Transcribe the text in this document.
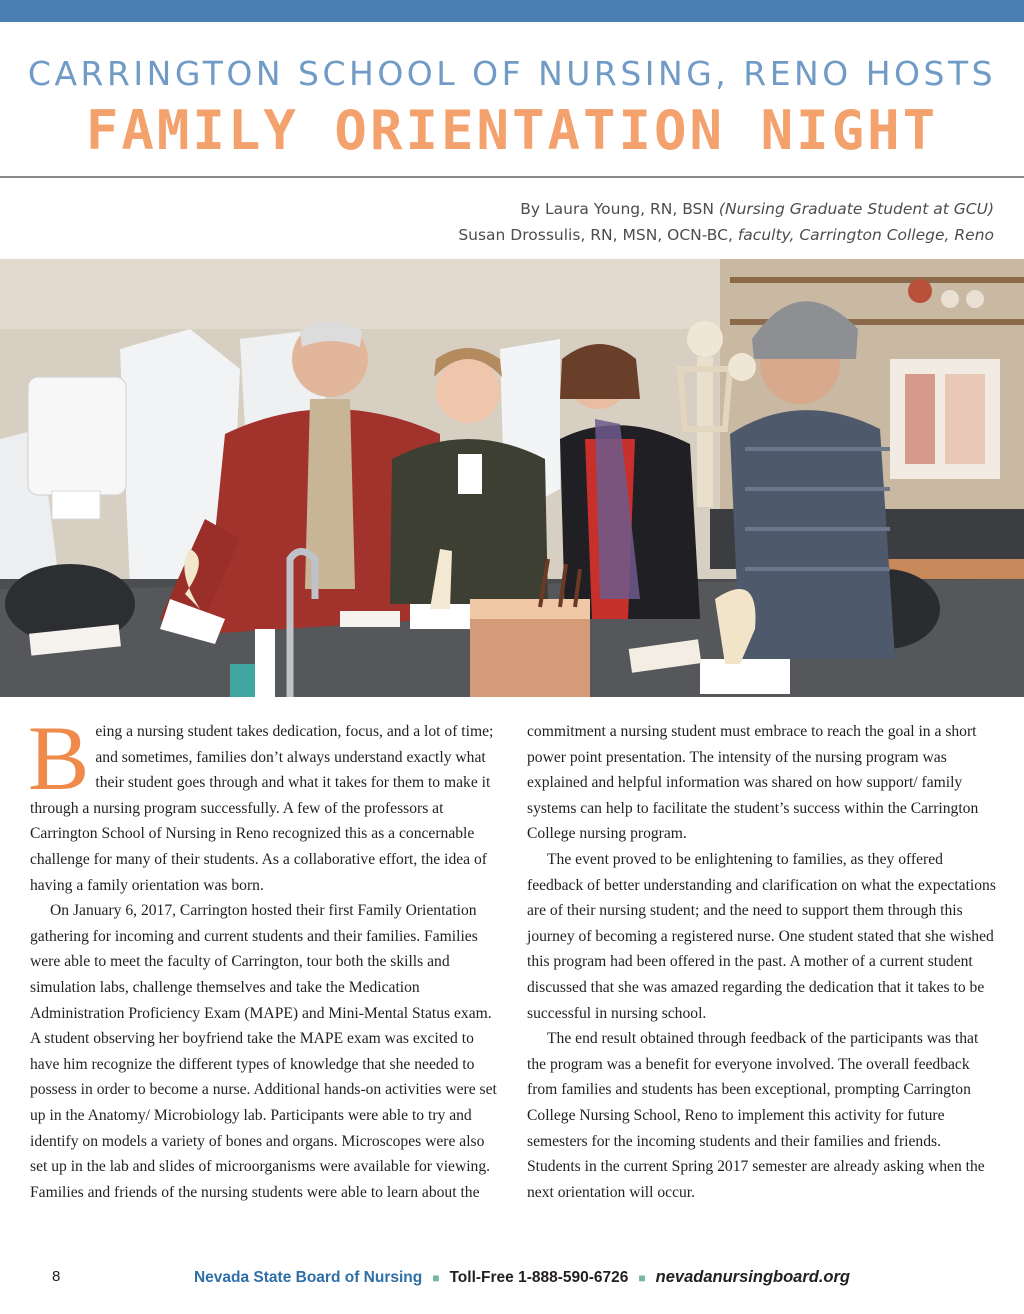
CARRINGTON SCHOOL OF NURSING, RENO HOSTS
FAMILY ORIENTATION NIGHT
By Laura Young, RN, BSN (Nursing Graduate Student at GCU)
Susan Drossulis, RN, MSN, OCN-BC, faculty, Carrington College, Reno

Being a nursing student takes dedication, focus, and a lot of time; and sometimes, families don’t always understand exactly what their student goes through and what it takes for them to make it through a nursing program successfully. A few of the professors at Carrington School of Nursing in Reno recognized this as a concernable challenge for many of their students. As a collaborative effort, the idea of having a family orientation was born.

On January 6, 2017, Carrington hosted their first Family Orientation gathering for incoming and current students and their families. Families were able to meet the faculty of Carrington, tour both the skills and simulation labs, challenge themselves and take the Medication Administration Proficiency Exam (MAPE) and Mini-Mental Status exam. A student observing her boyfriend take the MAPE exam was excited to have him recognize the different types of knowledge that she needed to possess in order to become a nurse. Additional hands-on activities were set up in the Anatomy/ Microbiology lab. Participants were able to try and identify on models a variety of bones and organs. Microscopes were also set up in the lab and slides of microorganisms were available for viewing. Families and friends of the nursing students were able to learn about the

commitment a nursing student must embrace to reach the goal in a short power point presentation. The intensity of the nursing program was explained and helpful information was shared on how support/ family systems can help to facilitate the student’s success within the Carrington College nursing program.

The event proved to be enlightening to families, as they offered feedback of better understanding and clarification on what the expectations are of their nursing student; and the need to support them through this journey of becoming a registered nurse. One student stated that she wished this program had been offered in the past. A mother of a current student discussed that she was amazed regarding the dedication that it takes to be successful in nursing school.

The end result obtained through feedback of the participants was that the program was a benefit for everyone involved. The overall feedback from families and students has been exceptional, prompting Carrington College Nursing School, Reno to implement this activity for future semesters for the incoming students and their families and friends. Students in the current Spring 2017 semester are already asking when the next orientation will occur.

8	Nevada State Board of Nursing ■ Toll-Free 1-888-590-6726 ■ nevadanursingboard.org
